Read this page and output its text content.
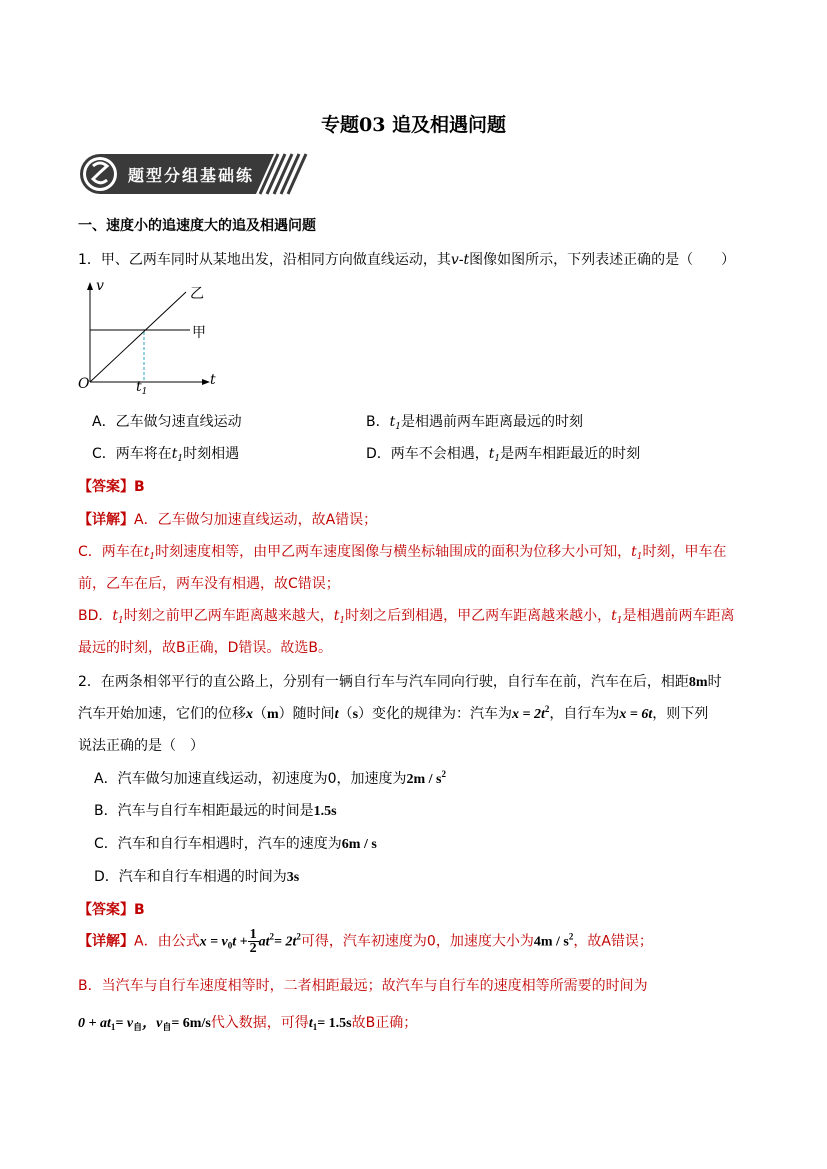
专题03 追及相遇问题
题型分组基础练
一、速度小的追速度大的追及相遇问题
1．甲、乙两车同时从某地出发，沿相同方向做直线运动，其v-t图像如图所示，下列表述正确的是（　　）
v	乙
甲
O	$t_1$
t
A．乙车做匀速直线运动	B．$t_1$是相遇前两车距离最远的时刻
C．两车将在$t_1$时刻相遇	D．两车不会相遇，$t_1$是两车相距最近的时刻
【答案】B
【详解】A．乙车做匀加速直线运动，故A错误；
C．两车在$t_1$时刻速度相等，由甲乙两车速度图像与横坐标轴围成的面积为位移大小可知，$t_1$时刻，甲车在
前，乙车在后，两车没有相遇，故C错误；
BD．$t_1$时刻之前甲乙两车距离越来越大，$t_1$时刻之后到相遇，甲乙两车距离越来越小，$t_1$是相遇前两车距离
最远的时刻，故B正确，D错误。故选B。
2．在两条相邻平行的直公路上，分别有一辆自行车与汽车同向行驶，自行车在前，汽车在后，相距8m时
汽车开始加速，它们的位移x（m）随时间t（s）变化的规律为：汽车为$x = 2t^2$，自行车为x = 6t，则下列
说法正确的是（　）
A．汽车做匀加速直线运动，初速度为0，加速度为$2m / s^2$
B．汽车与自行车相距最远的时间是1.5s
C．汽车和自行车相遇时，汽车的速度为6m / s
D．汽车和自行车相遇的时间为3s
【答案】B
【详解】A．由公式$x = v_0t + \frac{1}{2} at^2= 2t^2$可得，汽车初速度为0，加速度大小为$4m / s^2$，故A错误；
B．当汽车与自行车速度相等时，二者相距最远；故汽车与自行车的速度相等所需要的时间为
$0 + at_1= v_自$，$v_自= 6m/s$代入数据，可得$t_1= 1.5s$故B正确；
